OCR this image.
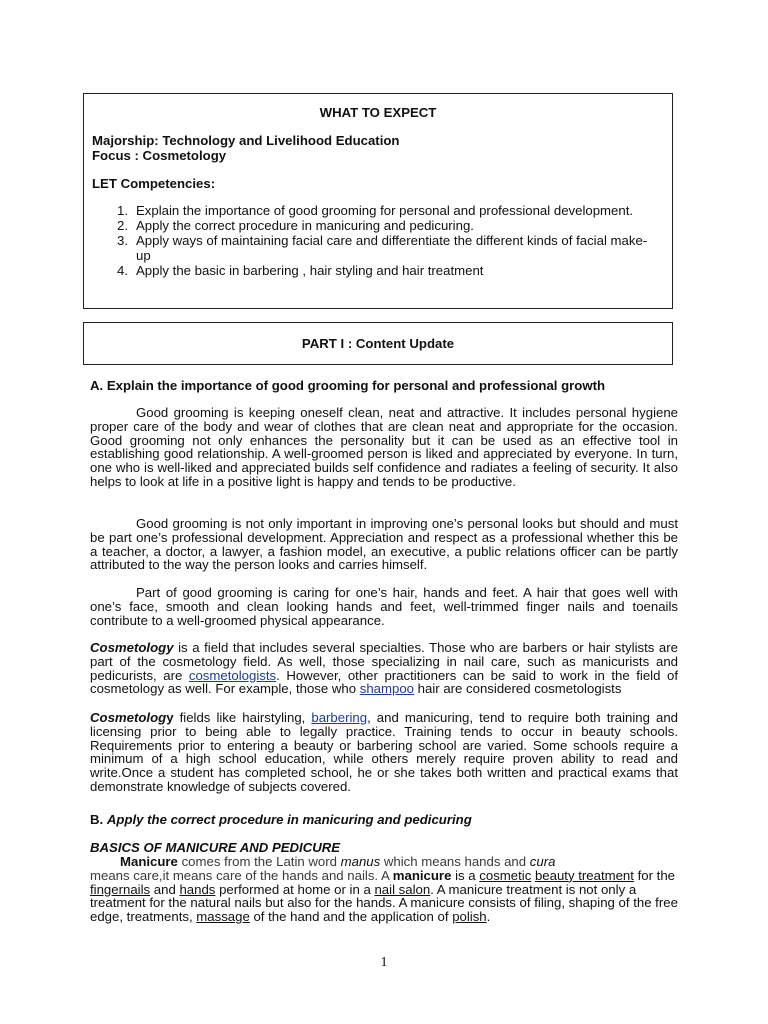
WHAT TO EXPECT
Majorship: Technology and Livelihood Education
Focus : Cosmetology
LET Competencies:
1. Explain the importance of good grooming for personal and professional development.
2. Apply the correct procedure in manicuring and pedicuring.
3. Apply ways of maintaining facial care and differentiate the different kinds of facial make-up
4. Apply the basic in barbering , hair styling and hair treatment
PART I : Content Update
A. Explain the importance of good grooming for personal and professional growth
Good grooming is keeping oneself clean, neat and attractive. It includes personal hygiene proper care of the body and wear of clothes that are clean neat and appropriate for the occasion. Good grooming not only enhances the personality but it can be used as an effective tool in establishing good relationship. A well-groomed person is liked and appreciated by everyone. In turn, one who is well-liked and appreciated builds self confidence and radiates a feeling of security. It also helps to look at life in a positive light is happy and tends to be productive.
Good grooming is not only important in improving one’s personal looks but should and must be part one’s professional development. Appreciation and respect as a professional whether this be a teacher, a doctor, a lawyer, a fashion model, an executive, a public relations officer can be partly attributed to the way the person looks and carries himself.
Part of good grooming is caring for one’s hair, hands and feet. A hair that goes well with one’s face, smooth and clean looking hands and feet, well-trimmed finger nails and toenails contribute to a well-groomed physical appearance.
Cosmetology is a field that includes several specialties. Those who are barbers or hair stylists are part of the cosmetology field. As well, those specializing in nail care, such as manicurists and pedicurists, are cosmetologists. However, other practitioners can be said to work in the field of cosmetology as well. For example, those who shampoo hair are considered cosmetologists
Cosmetology fields like hairstyling, barbering, and manicuring, tend to require both training and licensing prior to being able to legally practice. Training tends to occur in beauty schools. Requirements prior to entering a beauty or barbering school are varied. Some schools require a minimum of a high school education, while others merely require proven ability to read and write.Once a student has completed school, he or she takes both written and practical exams that demonstrate knowledge of subjects covered.
B. Apply the correct procedure in manicuring and pedicuring
BASICS OF MANICURE AND PEDICURE
Manicure comes from the Latin word manus which means hands and cura
means care,it means care of the hands and nails. A manicure is a cosmetic beauty treatment for the fingernails and hands performed at home or in a nail salon. A manicure treatment is not only a treatment for the natural nails but also for the hands. A manicure consists of filing, shaping of the free edge, treatments, massage of the hand and the application of polish.
1
